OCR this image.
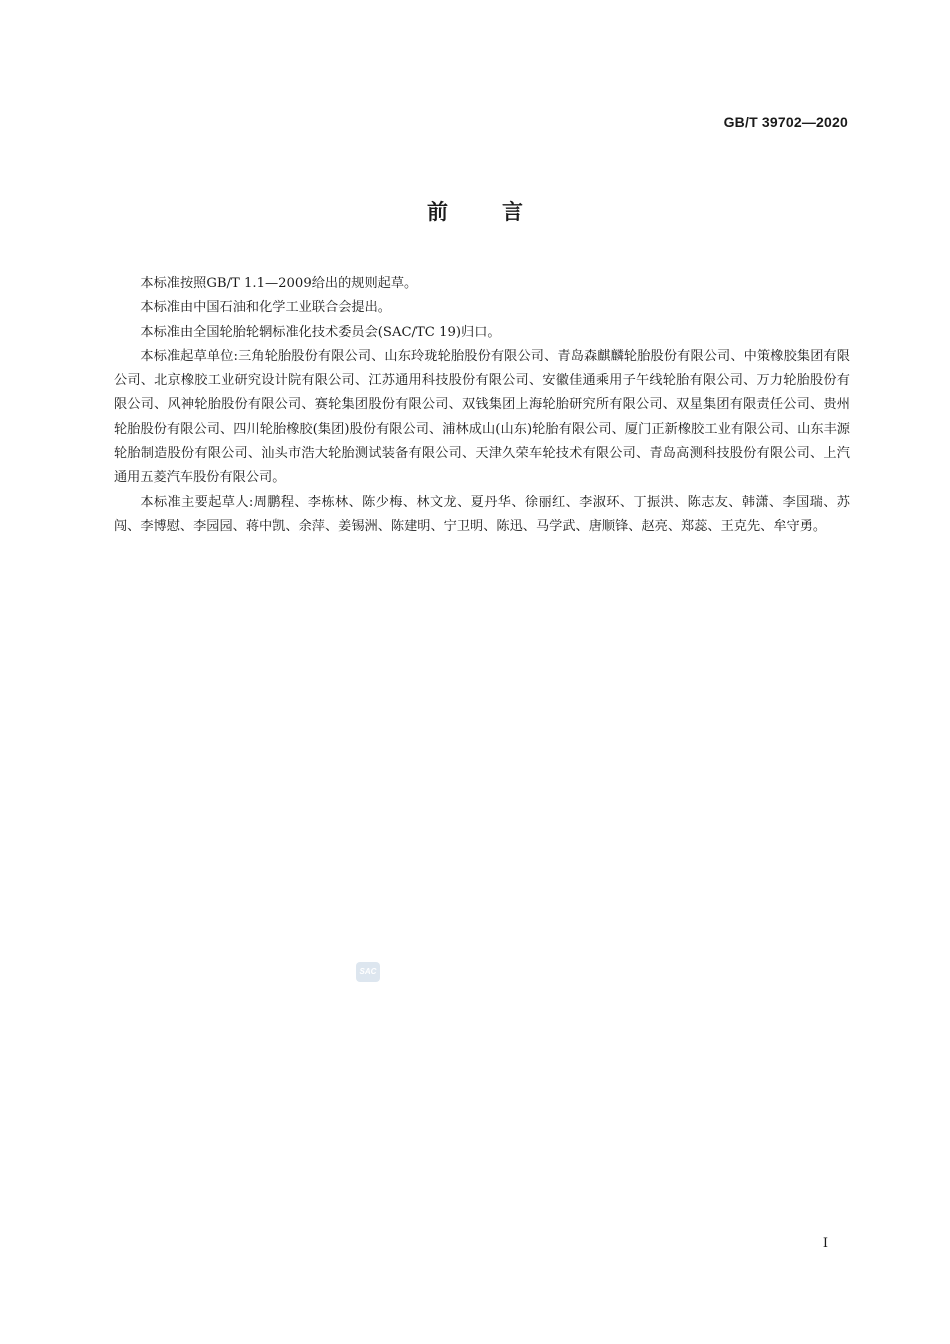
GB/T 39702—2020
前言

本标准按照GB/T 1.1—2009给出的规则起草。

本标准由中国石油和化学工业联合会提出。

本标准由全国轮胎轮辋标准化技术委员会(SAC/TC 19)归口。

本标准起草单位:三角轮胎股份有限公司、山东玲珑轮胎股份有限公司、青岛森麒麟轮胎股份有限公司、中策橡胶集团有限公司、北京橡胶工业研究设计院有限公司、江苏通用科技股份有限公司、安徽佳通乘用子午线轮胎有限公司、万力轮胎股份有限公司、风神轮胎股份有限公司、赛轮集团股份有限公司、双钱集团上海轮胎研究所有限公司、双星集团有限责任公司、贵州轮胎股份有限公司、四川轮胎橡胶(集团)股份有限公司、浦林成山(山东)轮胎有限公司、厦门正新橡胶工业有限公司、山东丰源轮胎制造股份有限公司、汕头市浩大轮胎测试装备有限公司、天津久荣车轮技术有限公司、青岛高测科技股份有限公司、上汽通用五菱汽车股份有限公司。

本标准主要起草人:周鹏程、李栋林、陈少梅、林文龙、夏丹华、徐丽红、李淑环、丁振洪、陈志友、韩潇、李国瑞、苏闯、李博慰、李园园、蒋中凯、余萍、姜锡洲、陈建明、宁卫明、陈迅、马学武、唐顺锋、赵亮、郑蕊、王克先、牟守勇。

SAC
I
